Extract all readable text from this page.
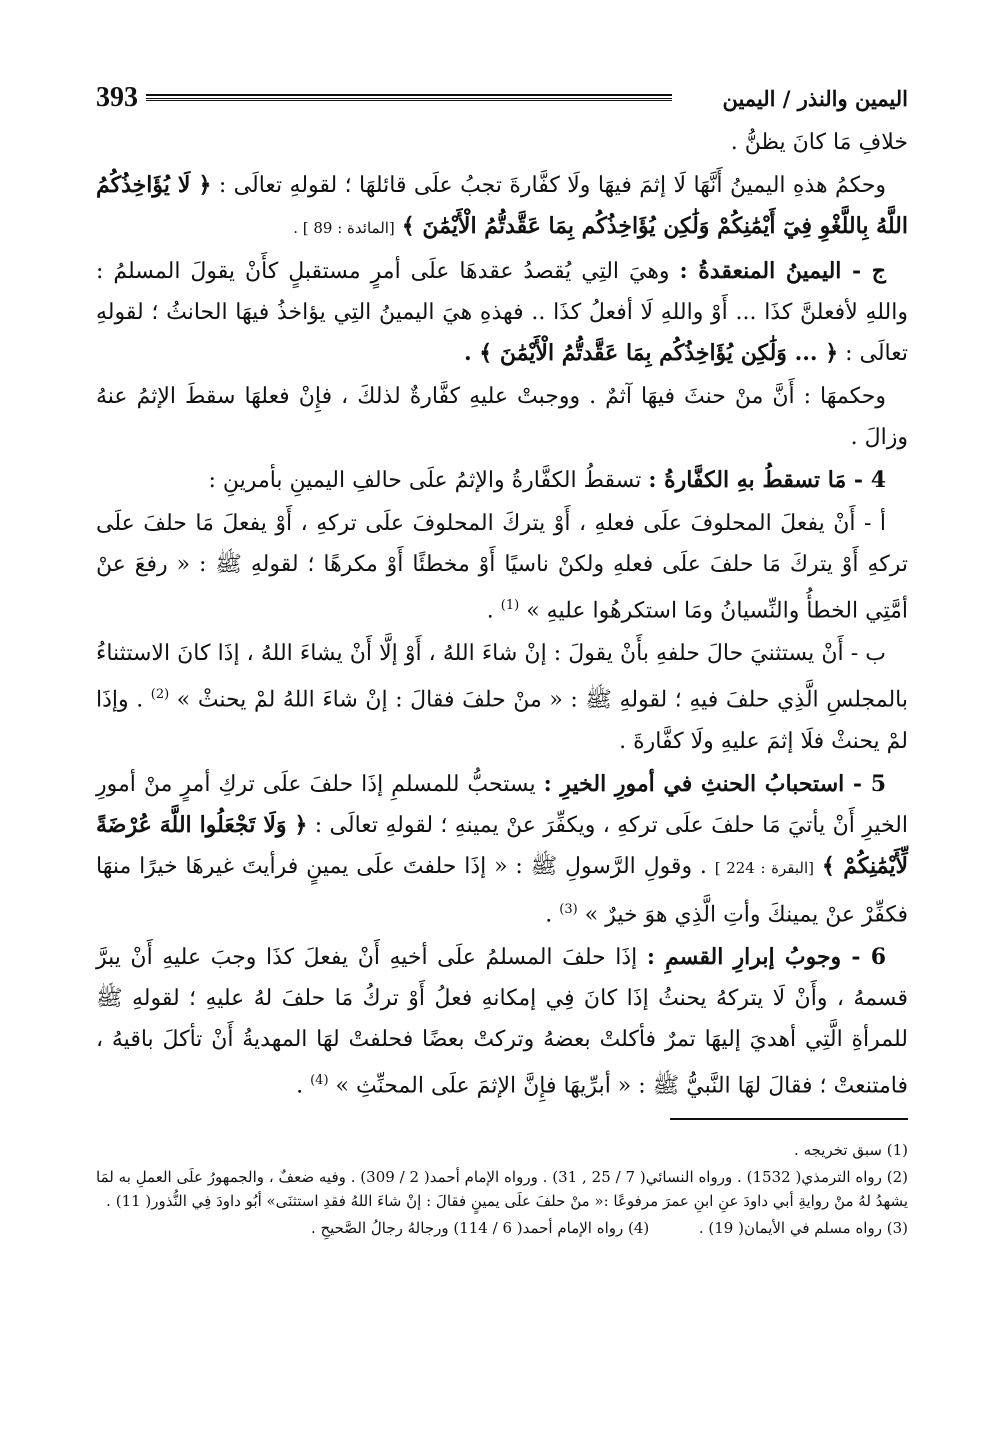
393	اليمين والنذر / اليمين

خلافِ مَا كانَ يظنُّ .

وحكمُ هذهِ اليمينُ أَنَّهَا لَا إثمَ فيهَا ولَا كفَّارةَ تجبُ علَى قائلهَا ؛ لقولهِ تعالَى : ﴿ لَا يُؤَاخِذُكُمُ اللَّهُ بِاللَّغْوِ فِيٓ أَيْمَٰنِكُمْ وَلَٰكِن يُؤَاخِذُكُم بِمَا عَقَّدتُّمُ الْأَيْمَٰنَ ﴾ [المائدة : 89 ] .

ج - اليمينُ المنعقدةُ : وهيَ التِي يُقصدُ عقدهَا علَى أمرٍ مستقبلٍ كأَنْ يقولَ المسلمُ : واللهِ لأفعلنَّ كذَا ... أَوْ واللهِ لَا أفعلُ كذَا .. فهذهِ هيَ اليمينُ التِي يؤاخذُ فيهَا الحانثُ ؛ لقولهِ تعالَى : ﴿ ... وَلَٰكِن يُؤَاخِذُكُم بِمَا عَقَّدتُّمُ الْأَيْمَٰنَ ﴾ .

وحكمهَا : أَنَّ منْ حنثَ فيهَا آثمٌ . ووجبتْ عليهِ كفَّارةٌ لذلكَ ، فإِنْ فعلهَا سقطَ الإثمُ عنهُ وزالَ .

4 - مَا تسقطُ بهِ الكفَّارةُ : تسقطُ الكفَّارةُ والإثمُ علَى حالفِ اليمينِ بأمرينِ :

أ - أَنْ يفعلَ المحلوفَ علَى فعلهِ ، أَوْ يتركَ المحلوفَ علَى تركهِ ، أَوْ يفعلَ مَا حلفَ علَى تركهِ أَوْ يتركَ مَا حلفَ علَى فعلهِ ولكنْ ناسيًا أَوْ مخطئًا أَوْ مكرهًا ؛ لقولهِ ﷺ : « رفعَ عنْ أمَّتِي الخطأُ والنِّسيانُ ومَا استكرهُوا عليهِ » $^{(1)}$ .

ب - أَنْ يستثنيَ حالَ حلفهِ بأَنْ يقولَ : إنْ شاءَ اللهُ ، أَوْ إلَّا أَنْ يشاءَ اللهُ ، إذَا كانَ الاستثناءُ بالمجلسِ الَّذِي حلفَ فيهِ ؛ لقولهِ ﷺ : « منْ حلفَ فقالَ : إنْ شاءَ اللهُ لمْ يحنثْ » $^{(2)}$ . وإذَا لمْ يحنثْ فلَا إثمَ عليهِ ولَا كفَّارةَ .

5 - استحبابُ الحنثِ في أمورِ الخيرِ : يستحبُّ للمسلمِ إذَا حلفَ علَى تركِ أمرٍ منْ أمورِ الخيرِ أَنْ يأتيَ مَا حلفَ علَى تركهِ ، ويكفِّرَ عنْ يمينهِ ؛ لقولهِ تعالَى : ﴿ وَلَا تَجْعَلُوا اللَّهَ عُرْضَةً لِّأَيْمَٰنِكُمْ ﴾ [البقرة : 224 ] . وقولِ الرَّسولِ ﷺ : « إذَا حلفتَ علَى يمينٍ فرأيتَ غيرهَا خيرًا منهَا فكفِّرْ عنْ يمينكَ وأتِ الَّذِي هوَ خيرٌ » $^{(3)}$ .

6 - وجوبُ إبرارِ القسمِ : إذَا حلفَ المسلمُ علَى أخيهِ أَنْ يفعلَ كذَا وجبَ عليهِ أَنْ يبرَّ قسمهُ ، وأَنْ لَا يتركهُ يحنثُ إذَا كانَ فِي إمكانهِ فعلُ أَوْ تركُ مَا حلفَ لهُ عليهِ ؛ لقولهِ ﷺ للمرأةِ الَّتِي أهديَ إليهَا تمرٌ فأكلتْ بعضهُ وتركتْ بعضًا فحلفتْ لهَا المهديةُ أَنْ تأكلَ باقيهُ ، فامتنعتْ ؛ فقالَ لهَا النَّبيُّ ﷺ : « أبرِّيهَا فإِنَّ الإثمَ علَى المحنِّثِ » $^{(4)}$ .

(1) سبق تخريجه .
(2) رواه الترمذي( 1532) . ورواه النسائي( 7 / 25 , 31) . ورواه الإمام أحمد( 2 / 309) . وفيه ضعفٌ ، والجمهورُ علَى العملِ به لمَا يشهدُ لهُ منْ روايةِ أبي داودَ عنِ ابنِ عمرَ مرفوعًا :« منْ حلفَ علَى يمينٍ فقالَ : إنْ شاءَ اللهُ فقدِ استثنَى» أبُو داودَ فِي النُّذور( 11) .
(3) رواه مسلم في الأيمان( 19) .  (4) رواه الإمام أحمد( 6 / 114) ورجالهُ رجالُ الصَّحيحِ .
